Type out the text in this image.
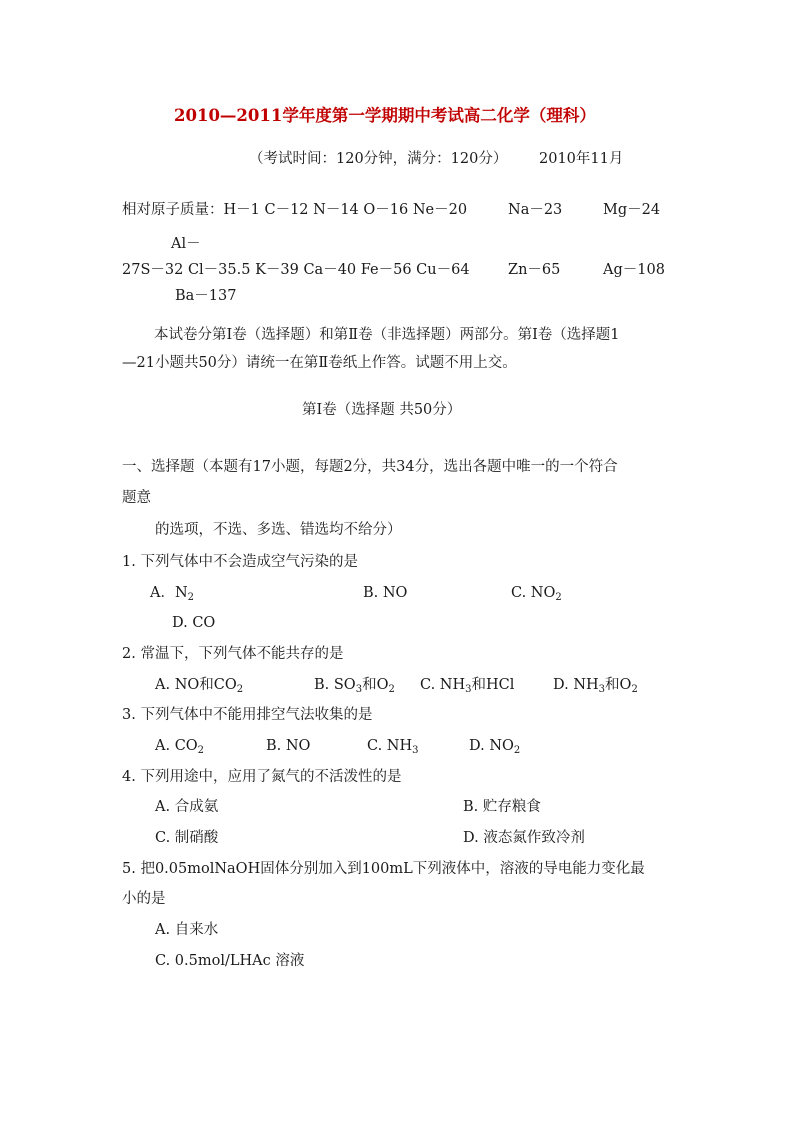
2010—2011学年度第一学期期中考试高二化学（理科）
（考试时间：120分钟，满分：120分） 2010年11月
相对原子质量：H－1 C－12 N－14 O－16 Ne－20	Na－23	Mg－24
Al－
27S－32 Cl－35.5 K－39 Ca－40 Fe－56 Cu－64	Zn－65	Ag－108
Ba－137
本试卷分第Ⅰ卷（选择题）和第Ⅱ卷（非选择题）两部分。第Ⅰ卷（选择题1
—21小题共50分）请统一在第Ⅱ卷纸上作答。试题不用上交。
第Ⅰ卷（选择题 共50分）
一、选择题（本题有17小题，每题2分，共34分，选出各题中唯一的一个符合
题意
的选项，不选、多选、错选均不给分）
1. 下列气体中不会造成空气污染的是
A．$N_2$	B. NO	C. $NO_2$
D. CO
2. 常温下，下列气体不能共存的是
A. NO和$CO_2$	B. $SO_3$和$O_2$ C. $NH_3$和HCl	D. $NH_3$和$O_2$
3. 下列气体中不能用排空气法收集的是
A. $CO_2$	B. NO	C. $NH_3$	D. $NO_2$
4. 下列用途中，应用了氮气的不活泼性的是
A. 合成氨	B. 贮存粮食
C. 制硝酸	D. 液态氮作致冷剂
5. 把0.05molNaOH固体分别加入到100mL下列液体中，溶液的导电能力变化最
小的是
A. 自来水
C. 0.5mol/LHAc 溶液
